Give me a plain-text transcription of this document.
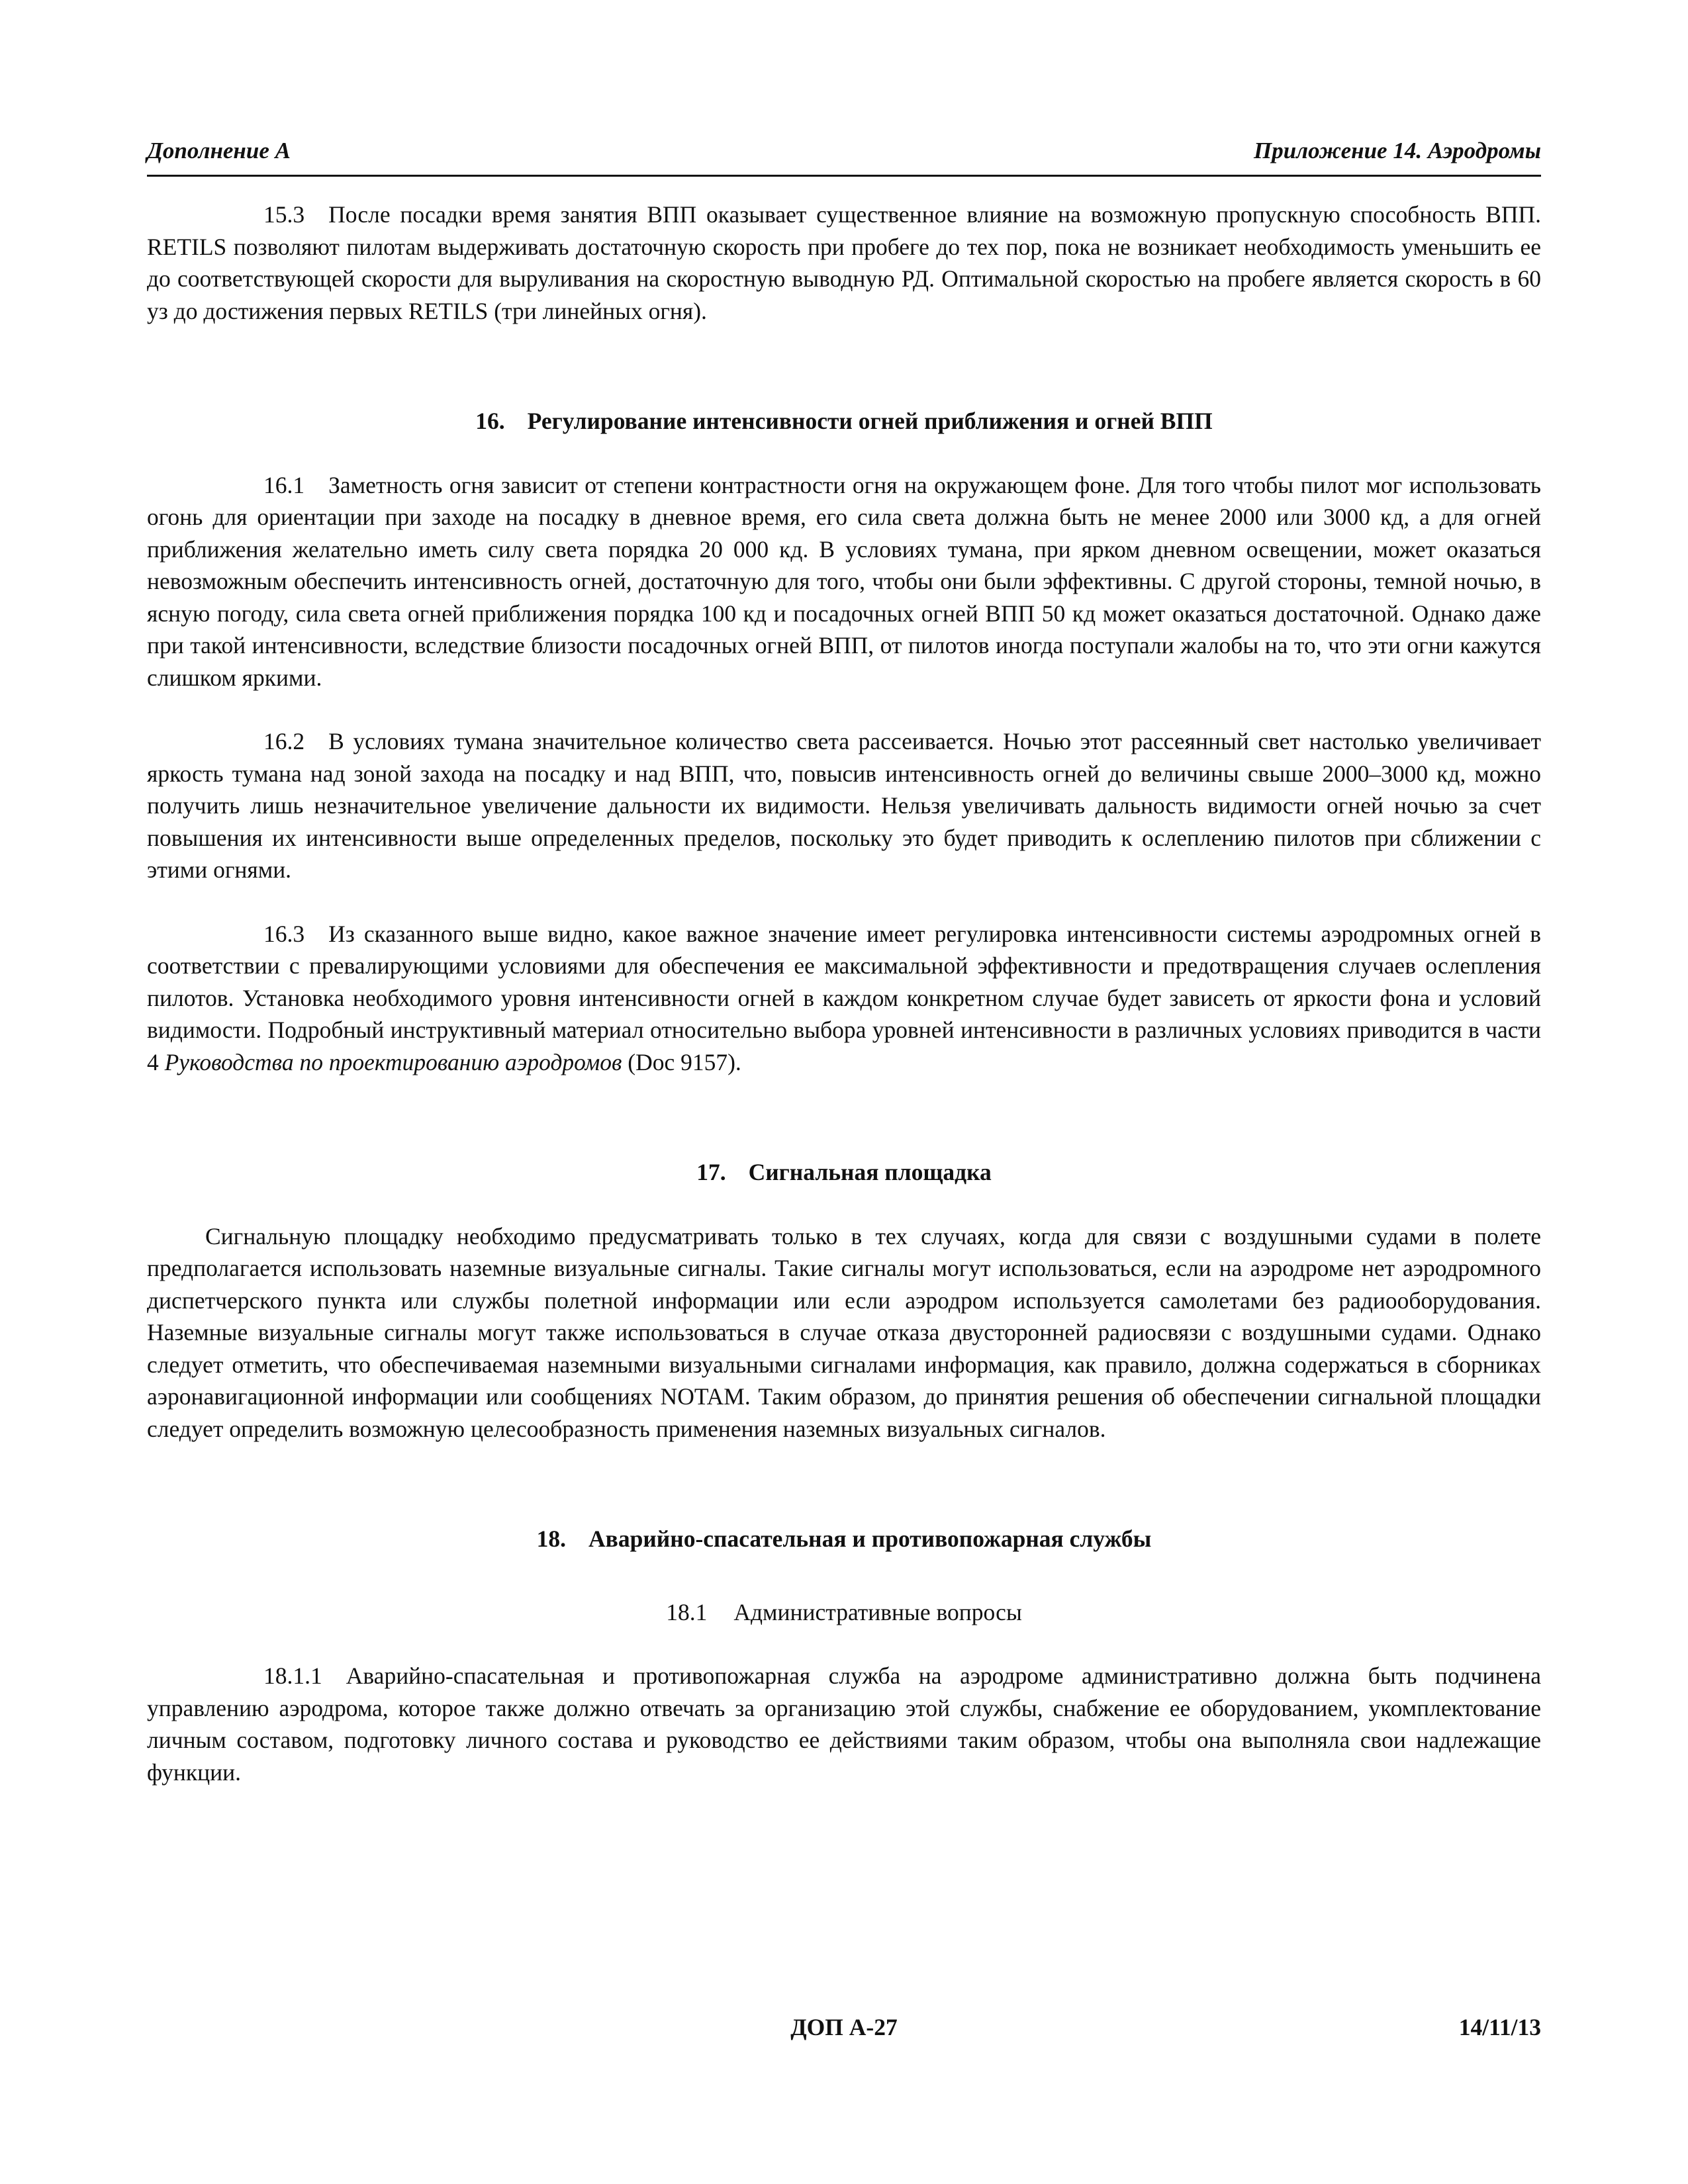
Дополнение A	Приложение 14. Аэродромы

15.3 После посадки время занятия ВПП оказывает существенное влияние на возможную пропускную способность ВПП. RETILS позволяют пилотам выдерживать достаточную скорость при пробеге до тех пор, пока не возникает необходимость уменьшить ее до соответствующей скорости для выруливания на скоростную выводную РД. Оптимальной скоростью на пробеге является скорость в 60 уз до достижения первых RETILS (три линейных огня).

16. Регулирование интенсивности огней приближения и огней ВПП

16.1 Заметность огня зависит от степени контрастности огня на окружающем фоне. Для того чтобы пилот мог использовать огонь для ориентации при заходе на посадку в дневное время, его сила света должна быть не менее 2000 или 3000 кд, а для огней приближения желательно иметь силу света порядка 20 000 кд. В условиях тумана, при ярком дневном освещении, может оказаться невозможным обеспечить интенсивность огней, достаточную для того, чтобы они были эффективны. С другой стороны, темной ночью, в ясную погоду, сила света огней приближения порядка 100 кд и посадочных огней ВПП 50 кд может оказаться достаточной. Однако даже при такой интенсивности, вследствие близости посадочных огней ВПП, от пилотов иногда поступали жалобы на то, что эти огни кажутся слишком яркими.

16.2 В условиях тумана значительное количество света рассеивается. Ночью этот рассеянный свет настолько увеличивает яркость тумана над зоной захода на посадку и над ВПП, что, повысив интенсивность огней до величины свыше 2000–3000 кд, можно получить лишь незначительное увеличение дальности их видимости. Нельзя увеличивать дальность видимости огней ночью за счет повышения их интенсивности выше определенных пределов, поскольку это будет приводить к ослеплению пилотов при сближении с этими огнями.

16.3 Из сказанного выше видно, какое важное значение имеет регулировка интенсивности системы аэродромных огней в соответствии с превалирующими условиями для обеспечения ее максимальной эффективности и предотвращения случаев ослепления пилотов. Установка необходимого уровня интенсивности огней в каждом конкретном случае будет зависеть от яркости фона и условий видимости. Подробный инструктивный материал относительно выбора уровней интенсивности в различных условиях приводится в части 4 Руководства по проектированию аэродромов (Doc 9157).

17. Сигнальная площадка

Сигнальную площадку необходимо предусматривать только в тех случаях, когда для связи с воздушными судами в полете предполагается использовать наземные визуальные сигналы. Такие сигналы могут использоваться, если на аэродроме нет аэродромного диспетчерского пункта или службы полетной информации или если аэродром используется самолетами без радиооборудования. Наземные визуальные сигналы могут также использоваться в случае отказа двусторонней радиосвязи с воздушными судами. Однако следует отметить, что обеспечиваемая наземными визуальными сигналами информация, как правило, должна содержаться в сборниках аэронавигационной информации или сообщениях NOTAM. Таким образом, до принятия решения об обеспечении сигнальной площадки следует определить возможную целесообразность применения наземных визуальных сигналов.

18. Аварийно-спасательная и противопожарная службы
18.1 Административные вопросы

18.1.1 Аварийно-спасательная и противопожарная служба на аэродроме административно должна быть подчинена управлению аэродрома, которое также должно отвечать за организацию этой службы, снабжение ее оборудованием, укомплектование личным составом, подготовку личного состава и руководство ее действиями таким образом, чтобы она выполняла свои надлежащие функции.

ДОП A-27	14/11/13
